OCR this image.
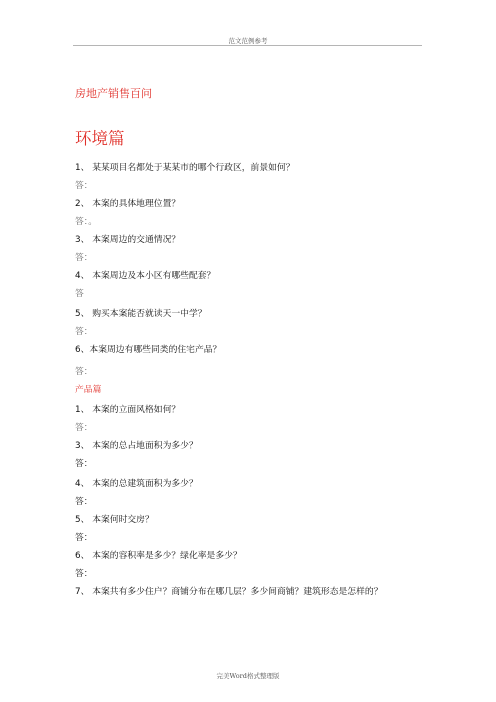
范文范例参考
房地产销售百问
环境篇
1、 某某项目名都处于某某市的哪个行政区，前景如何？
答：
2、 本案的具体地理位置？
答：。
3、 本案周边的交通情况？
答：
4、 本案周边及本小区有哪些配套？
答
5、 购买本案能否就读天一中学？
答：
6、本案周边有哪些同类的住宅产品？
答：
产品篇
1、 本案的立面风格如何？
答：
3、 本案的总占地面积为多少？
答：
4、 本案的总建筑面积为多少？
答：
5、 本案何时交房？
答：
6、 本案的容积率是多少？绿化率是多少？
答：
7、 本案共有多少住户？商铺分布在哪几层？多少间商铺？建筑形态是怎样的？
完美Word格式整理版
